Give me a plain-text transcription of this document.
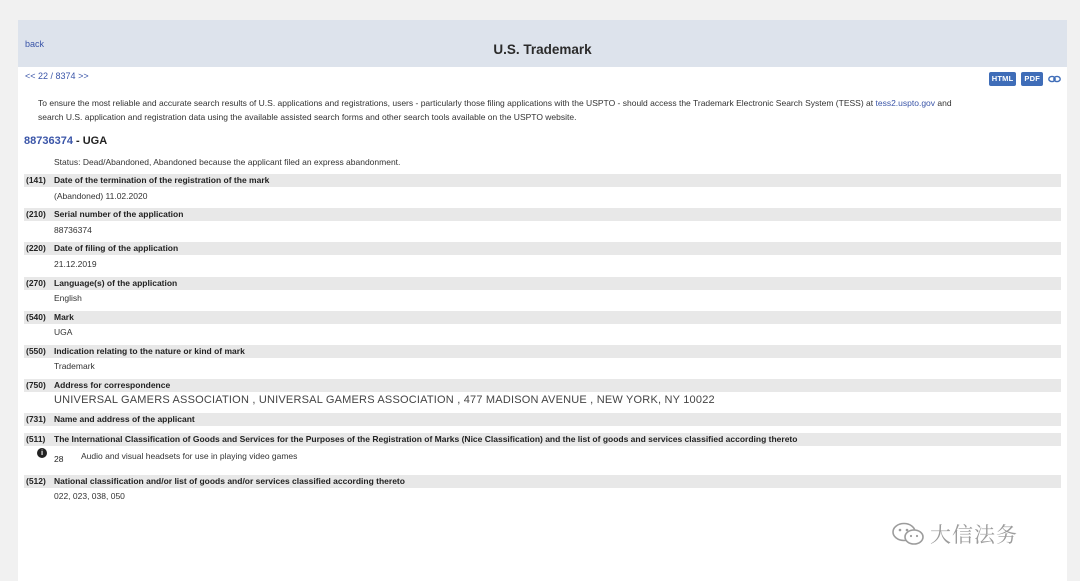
back	U.S. Trademark
<< 22 / 8374 >>	HTML	PDF
To ensure the most reliable and accurate search results of U.S. applications and registrations, users - particularly those filing applications with the USPTO - should access the Trademark Electronic Search System (TESS) at tess2.uspto.gov and
search U.S. application and registration data using the available assisted search forms and other search tools available on the USPTO website.
88736374 - UGA
Status: Dead/Abandoned, Abandoned because the applicant filed an express abandonment.
(141) Date of the termination of the registration of the mark
(Abandoned) 11.02.2020
(210) Serial number of the application
88736374
(220) Date of filing of the application
21.12.2019
(270) Language(s) of the application
English
(540) Mark
UGA
(550) Indication relating to the nature or kind of mark
Trademark
(750) Address for correspondence
UNIVERSAL GAMERS ASSOCIATION , UNIVERSAL GAMERS ASSOCIATION , 477 MADISON AVENUE , NEW YORK, NY 10022
(731) Name and address of the applicant
(511) The International Classification of Goods and Services for the Purposes of the Registration of Marks (Nice Classification) and the list of goods and services classified according thereto
i
28 Audio and visual headsets for use in playing video games
(512) National classification and/or list of goods and/or services classified according thereto
022, 023, 038, 050
大信法务
